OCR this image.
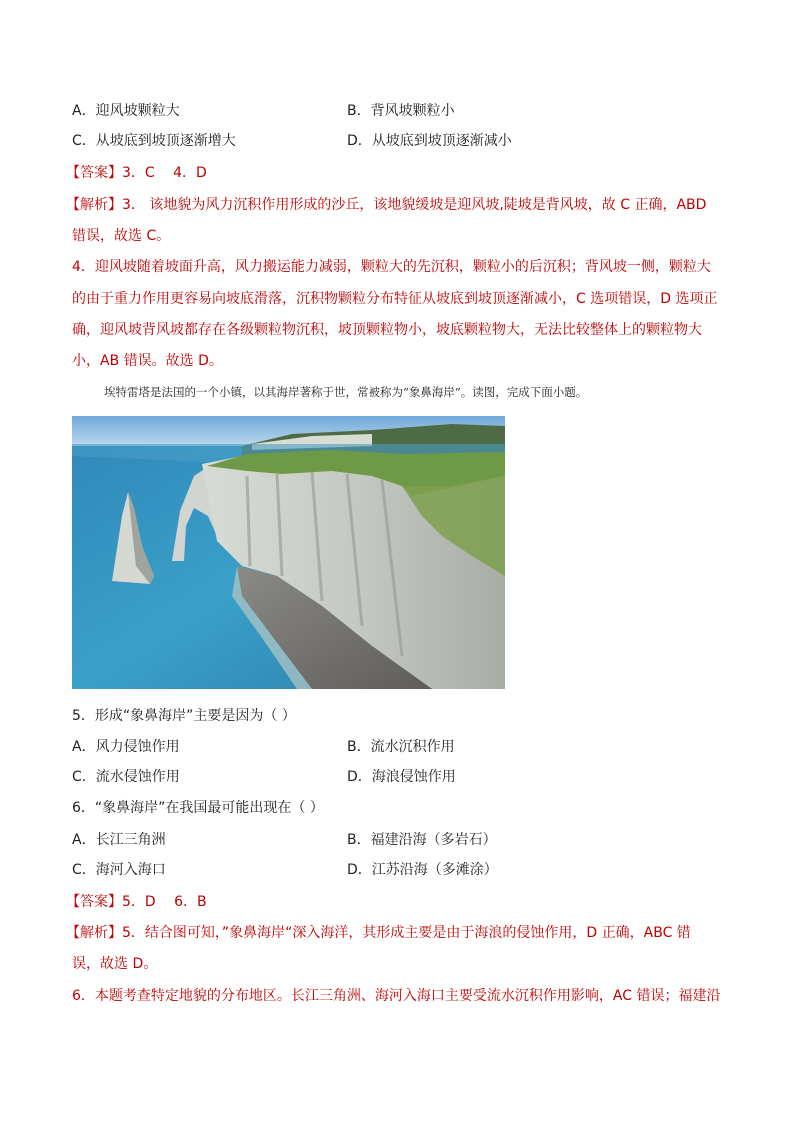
A．迎风坡颗粒大	B．背风坡颗粒小
C．从坡底到坡顶逐渐增大	D．从坡底到坡顶逐渐减小
【答案】3．C　 4．D
【解析】3． 该地貌为风力沉积作用形成的沙丘，该地貌缓坡是迎风坡,陡坡是背风坡，故 C 正确，ABD
错误，故选 C。
4．迎风坡随着坡面升高，风力搬运能力减弱，颗粒大的先沉积，颗粒小的后沉积；背风坡一侧，颗粒大
的由于重力作用更容易向坡底滑落，沉积物颗粒分布特征从坡底到坡顶逐渐减小，C 选项错误，D 选项正
确，迎风坡背风坡都存在各级颗粒物沉积，坡顶颗粒物小，坡底颗粒物大，无法比较整体上的颗粒物大
小，AB 错误。故选 D。
埃特雷塔是法国的一个小镇，以其海岸著称于世，常被称为“象鼻海岸”。读图，完成下面小题。
5．形成“象鼻海岸”主要是因为（ ）
A．风力侵蚀作用	B．流水沉积作用
C．流水侵蚀作用	D．海浪侵蚀作用
6．“象鼻海岸”在我国最可能出现在（ ）
A．长江三角洲	B．福建沿海（多岩石）
C．海河入海口	D．江苏沿海（多滩涂）
【答案】5．D　 6．B
【解析】5．结合图可知，”象鼻海岸“深入海洋，其形成主要是由于海浪的侵蚀作用，D 正确，ABC 错
误，故选 D。
6．本题考查特定地貌的分布地区。长江三角洲、海河入海口主要受流水沉积作用影响，AC 错误；福建沿
